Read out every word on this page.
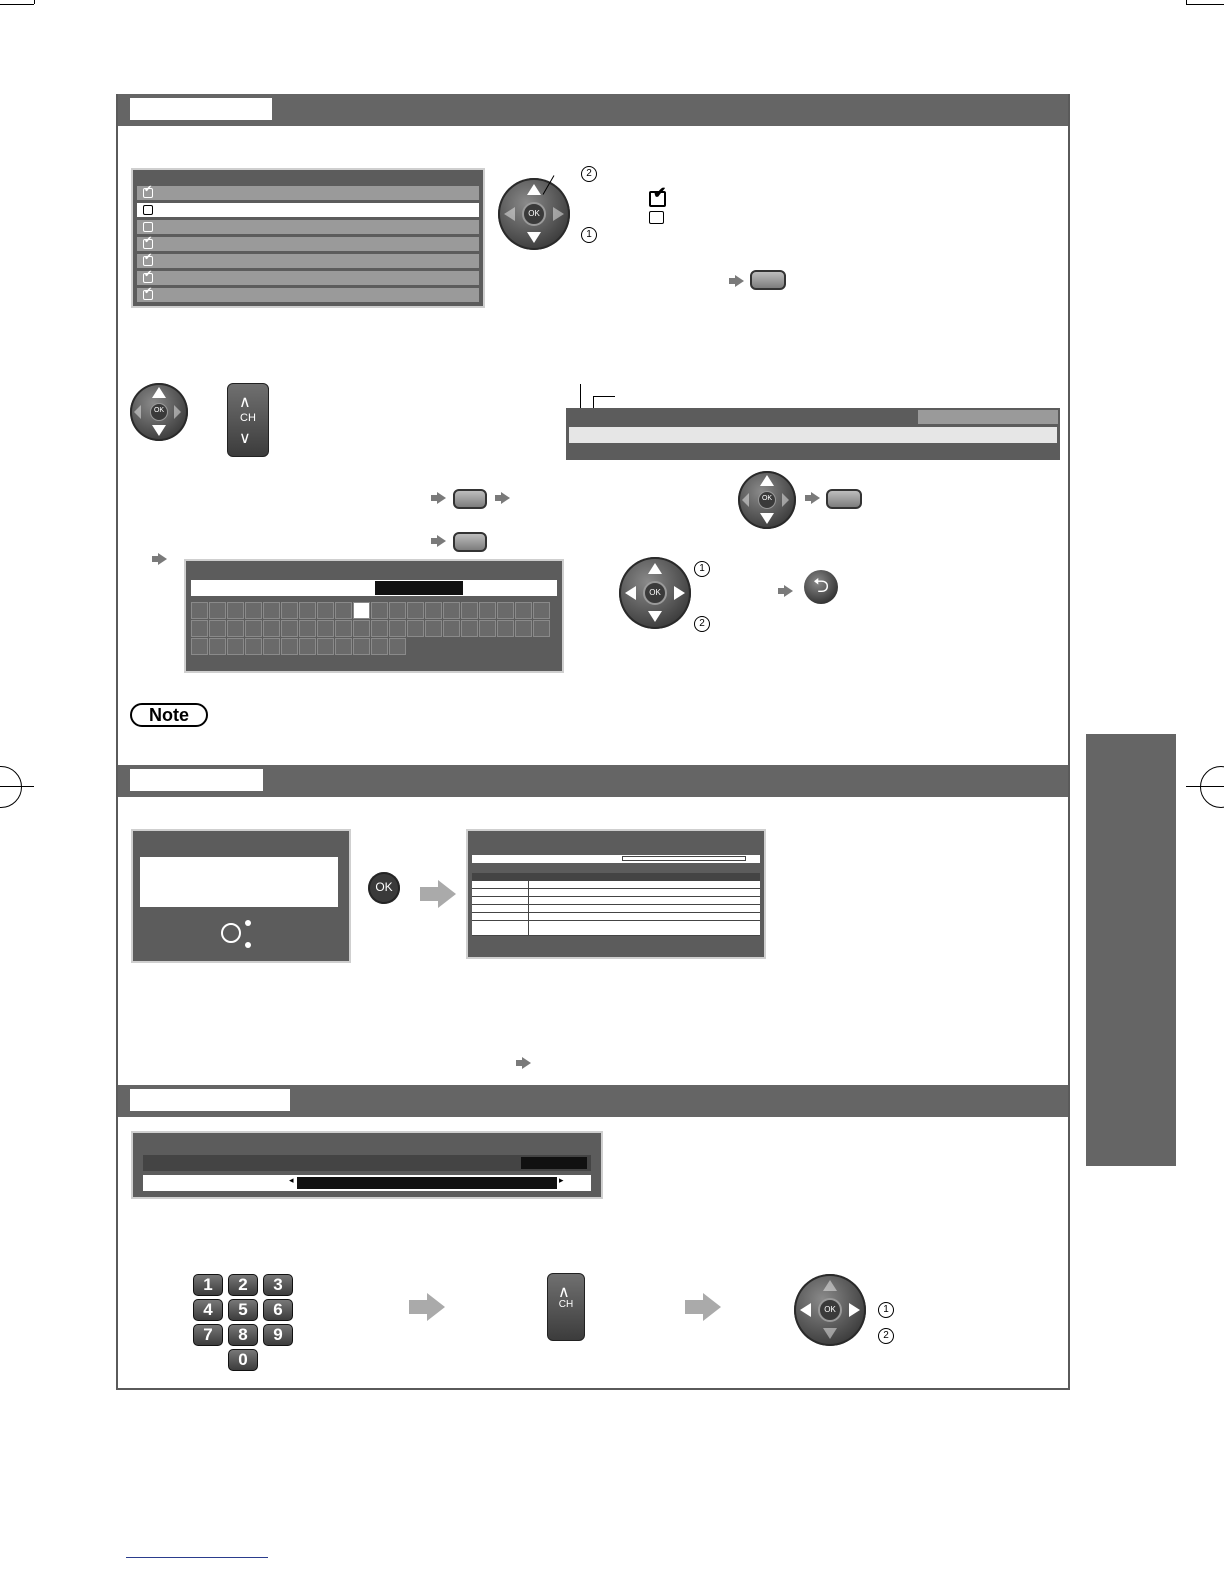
✔
✔
✔
✔
✔
OK
2
1
✔
OK	∧
CH
∨
OK
OK
1
2
⮌
Note
OK
◂	▸
1	2	3
4	5	6
7	8	9
0
∧
CH	OK	1
2
